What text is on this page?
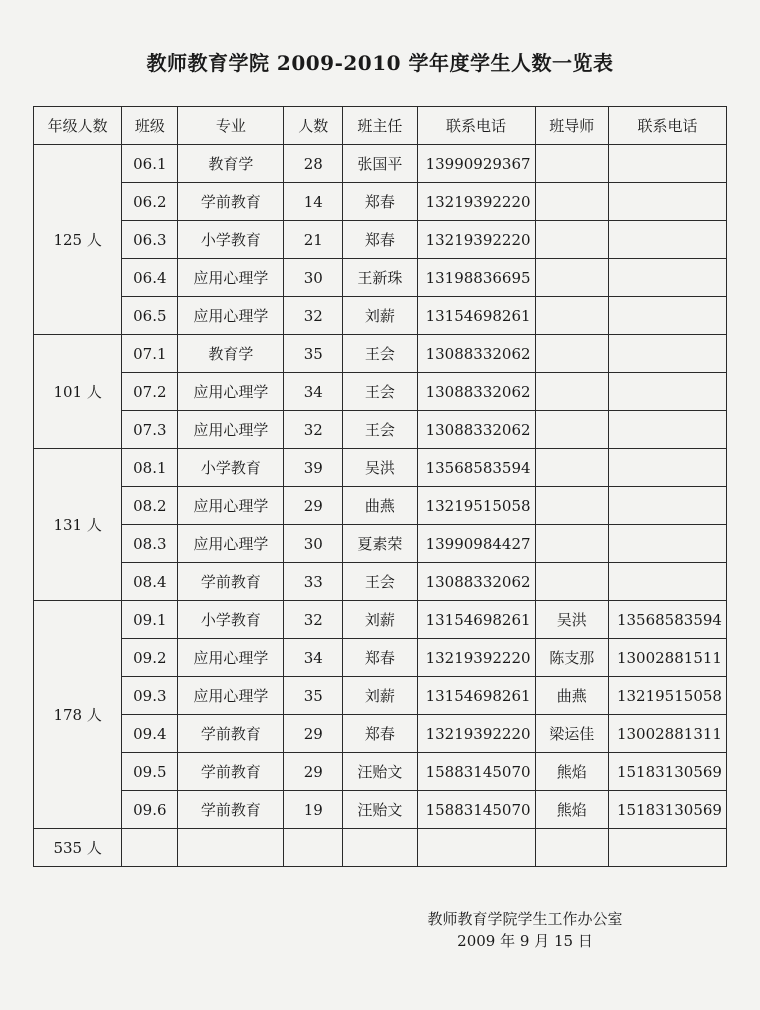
教师教育学院 2009-2010 学年度学生人数一览表
年级人数	班级	专业	人数	班主任	联系电话	班导师	联系电话
125 人	06.1	教育学	28	张国平	13990929367		
	06.2	学前教育	14	郑春	13219392220		
	06.3	小学教育	21	郑春	13219392220		
	06.4	应用心理学	30	王新珠	13198836695		
	06.5	应用心理学	32	刘薪	13154698261		
101 人	07.1	教育学	35	王会	13088332062		
	07.2	应用心理学	34	王会	13088332062		
	07.3	应用心理学	32	王会	13088332062		
131 人	08.1	小学教育	39	吴洪	13568583594		
	08.2	应用心理学	29	曲燕	13219515058		
	08.3	应用心理学	30	夏素荣	13990984427		
	08.4	学前教育	33	王会	13088332062		
178 人	09.1	小学教育	32	刘薪	13154698261	吴洪	13568583594
	09.2	应用心理学	34	郑春	13219392220	陈支那	13002881511
	09.3	应用心理学	35	刘薪	13154698261	曲燕	13219515058
	09.4	学前教育	29	郑春	13219392220	梁运佳	13002881311
	09.5	学前教育	29	汪贻文	15883145070	熊焰	15183130569
	09.6	学前教育	19	汪贻文	15883145070	熊焰	15183130569
535 人							
教师教育学院学生工作办公室
2009 年 9 月 15 日
